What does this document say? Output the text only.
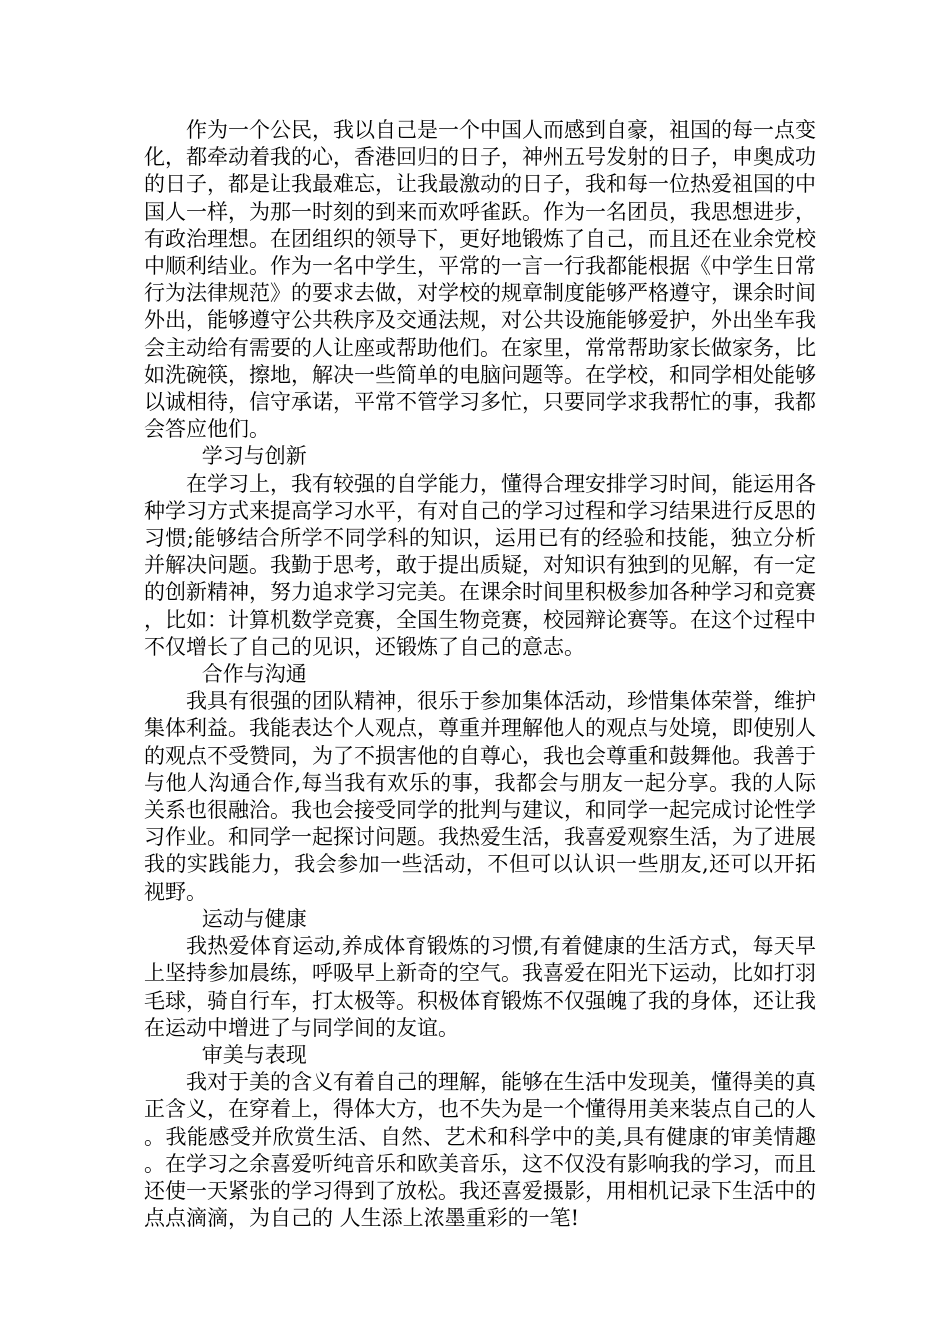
作为一个公民，我以自己是一个中国人而感到自豪，祖国的每一点变化，都牵动着我的心，香港回归的日子，神州五号发射的日子，申奥成功的日子，都是让我最难忘，让我最激动的日子，我和每一位热爱祖国的中国人一样，为那一时刻的到来而欢呼雀跃。作为一名团员，我思想进步，有政治理想。在团组织的领导下，更好地锻炼了自己，而且还在业余党校中顺利结业。作为一名中学生，平常的一言一行我都能根据《中学生日常行为法律规范》的要求去做，对学校的规章制度能够严格遵守，课余时间外出，能够遵守公共秩序及交通法规，对公共设施能够爱护，外出坐车我会主动给有需要的人让座或帮助他们。在家里，常常帮助家长做家务，比如洗碗筷，擦地，解决一些简单的电脑问题等。在学校，和同学相处能够以诚相待，信守承诺，平常不管学习多忙，只要同学求我帮忙的事，我都会答应他们。

学习与创新

在学习上，我有较强的自学能力，懂得合理安排学习时间，能运用各种学习方式来提高学习水平，有对自己的学习过程和学习结果进行反思的习惯;能够结合所学不同学科的知识，运用已有的经验和技能，独立分析并解决问题。我勤于思考，敢于提出质疑，对知识有独到的见解，有一定的创新精神，努力追求学习完美。在课余时间里积极参加各种学习和竞赛，比如：计算机数学竞赛，全国生物竞赛，校园辩论赛等。在这个过程中不仅增长了自己的见识，还锻炼了自己的意志。

合作与沟通

我具有很强的团队精神，很乐于参加集体活动，珍惜集体荣誉，维护集体利益。我能表达个人观点，尊重并理解他人的观点与处境，即使别人的观点不受赞同，为了不损害他的自尊心，我也会尊重和鼓舞他。我善于与他人沟通合作,每当我有欢乐的事，我都会与朋友一起分享。我的人际关系也很融洽。我也会接受同学的批判与建议，和同学一起完成讨论性学习作业。和同学一起探讨问题。我热爱生活，我喜爱观察生活，为了进展我的实践能力，我会参加一些活动，不但可以认识一些朋友,还可以开拓视野。

运动与健康

我热爱体育运动,养成体育锻炼的习惯,有着健康的生活方式，每天早上坚持参加晨练，呼吸早上新奇的空气。我喜爱在阳光下运动，比如打羽毛球，骑自行车，打太极等。积极体育锻炼不仅强魄了我的身体，还让我在运动中增进了与同学间的友谊。

审美与表现

我对于美的含义有着自己的理解，能够在生活中发现美，懂得美的真正含义，在穿着上，得体大方，也不失为是一个懂得用美来装点自己的人。我能感受并欣赏生活、自然、艺术和科学中的美,具有健康的审美情趣。在学习之余喜爱听纯音乐和欧美音乐，这不仅没有影响我的学习，而且还使一天紧张的学习得到了放松。我还喜爱摄影，用相机记录下生活中的点点滴滴，为自己的 人生添上浓墨重彩的一笔!
